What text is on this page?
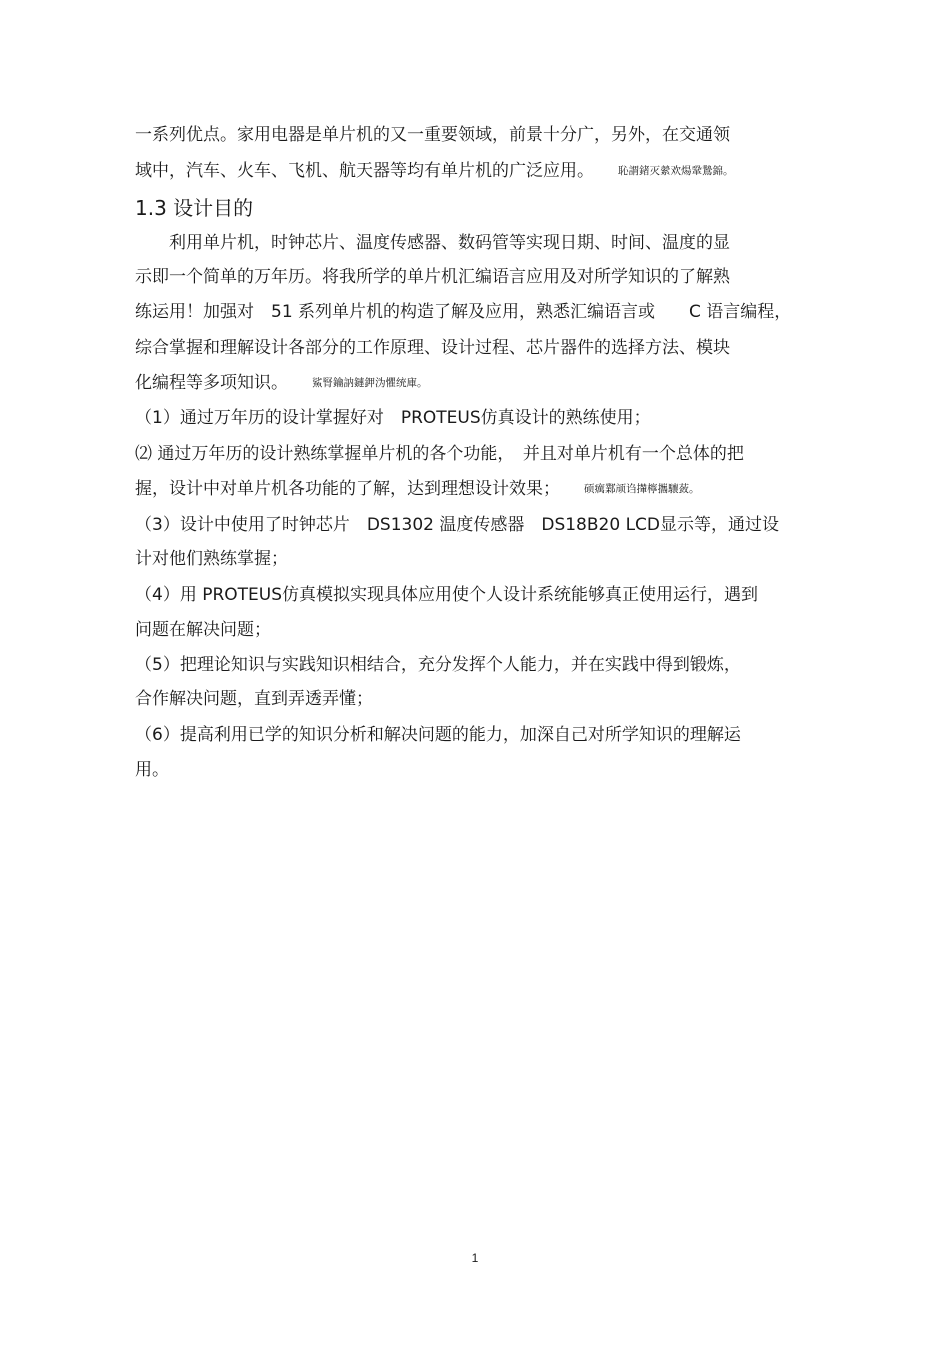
一系列优点。家用电器是单片机的又一重要领域，前景十分广，另外，在交通领
域中，汽车、火车、飞机、航天器等均有单片机的广泛应用。 恥謂鍺灭縈欢煬鞏鷙錦。
1.3 设计目的
　　利用单片机，时钟芯片、温度传感器、数码管等实现日期、时间、温度的显
示即一个简单的万年历。将我所学的单片机汇编语言应用及对所学知识的了解熟
练运用！加强对　51 系列单片机的构造了解及应用，熟悉汇编语言或　　C 语言编程，
综合掌握和理解设计各部分的工作原理、设计过程、芯片器件的选择方法、模块
化编程等多项知识。 鯊腎鑰訥鏈鉀沩懼统庫。
（1）通过万年历的设计掌握好对　PROTEUS仿真设计的熟练使用；
⑵ 通过万年历的设计熟练掌握单片机的各个功能，　并且对单片机有一个总体的把
握，设计中对单片机各功能的了解，达到理想设计效果； 硕癘鄴颃诌攆檸攜驤蔹。
（3）设计中使用了时钟芯片　DS1302 温度传感器　DS18B20 LCD显示等，通过设
计对他们熟练掌握；
（4）用 PROTEUS仿真模拟实现具体应用使个人设计系统能够真正使用运行，遇到
问题在解决问题；
（5）把理论知识与实践知识相结合，充分发挥个人能力，并在实践中得到锻炼，
合作解决问题，直到弄透弄懂；
（6）提高利用已学的知识分析和解决问题的能力，加深自己对所学知识的理解运
用。
1
